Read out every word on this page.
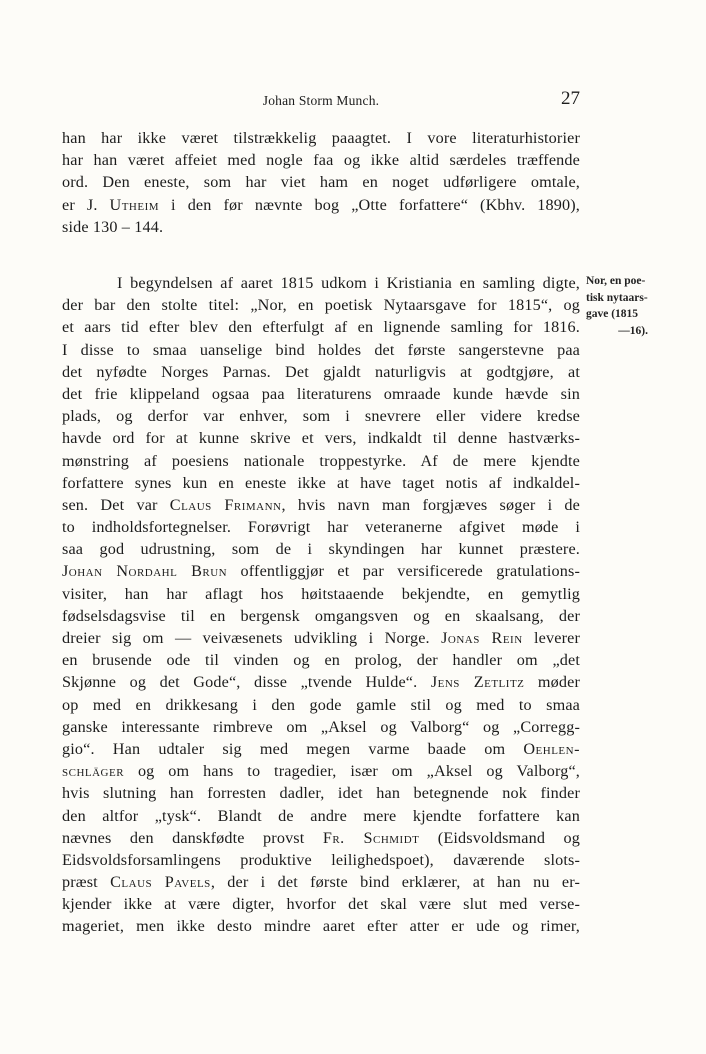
Johan Storm Munch.	27
han har ikke været tilstrækkelig paaagtet. I vore literaturhistorier
har han været affeiet med nogle faa og ikke altid særdeles træffende
ord. Den eneste, som har viet ham en noget udførligere omtale,
er J. Utheim i den før nævnte bog „Otte forfattere“ (Kbhv. 1890),
side 130 – 144.
I begyndelsen af aaret 1815 udkom i Kristiania en samling digte,
der bar den stolte titel: „Nor, en poetisk Nytaarsgave for 1815“, og
et aars tid efter blev den efterfulgt af en lignende samling for 1816.
I disse to smaa uanselige bind holdes det første sangerstevne paa
det nyfødte Norges Parnas. Det gjaldt naturligvis at godtgjøre, at
det frie klippeland ogsaa paa literaturens omraade kunde hævde sin
plads, og derfor var enhver, som i snevrere eller videre kredse
havde ord for at kunne skrive et vers, indkaldt til denne hastværks-
mønstring af poesiens nationale troppestyrke. Af de mere kjendte
forfattere synes kun en eneste ikke at have taget notis af indkaldel-
sen. Det var Claus Frimann, hvis navn man forgjæves søger i de
to indholdsfortegnelser. Forøvrigt har veteranerne afgivet møde i
saa god udrustning, som de i skyndingen har kunnet præstere.
Johan Nordahl Brun offentliggjør et par versificerede gratulations-
visiter, han har aflagt hos høitstaaende bekjendte, en gemytlig
fødselsdagsvise til en bergensk omgangsven og en skaalsang, der
dreier sig om — veivæsenets udvikling i Norge. Jonas Rein leverer
en brusende ode til vinden og en prolog, der handler om „det
Skjønne og det Gode“, disse „tvende Hulde“. Jens Zetlitz møder
op med en drikkesang i den gode gamle stil og med to smaa
ganske interessante rimbreve om „Aksel og Valborg“ og „Corregg-
gio“. Han udtaler sig med megen varme baade om Oehlen-
schläger og om hans to tragedier, især om „Aksel og Valborg“,
hvis slutning han forresten dadler, idet han betegnende nok finder
den altfor „tysk“. Blandt de andre mere kjendte forfattere kan
nævnes den danskfødte provst Fr. Schmidt (Eidsvoldsmand og
Eidsvoldsforsamlingens produktive leilighedspoet), daværende slots-
præst Claus Pavels, der i det første bind erklærer, at han nu er-
kjender ikke at være digter, hvorfor det skal være slut med verse-
mageriet, men ikke desto mindre aaret efter atter er ude og rimer,
Nor, en poe-
tisk nytaars-
gave (1815
—16).
